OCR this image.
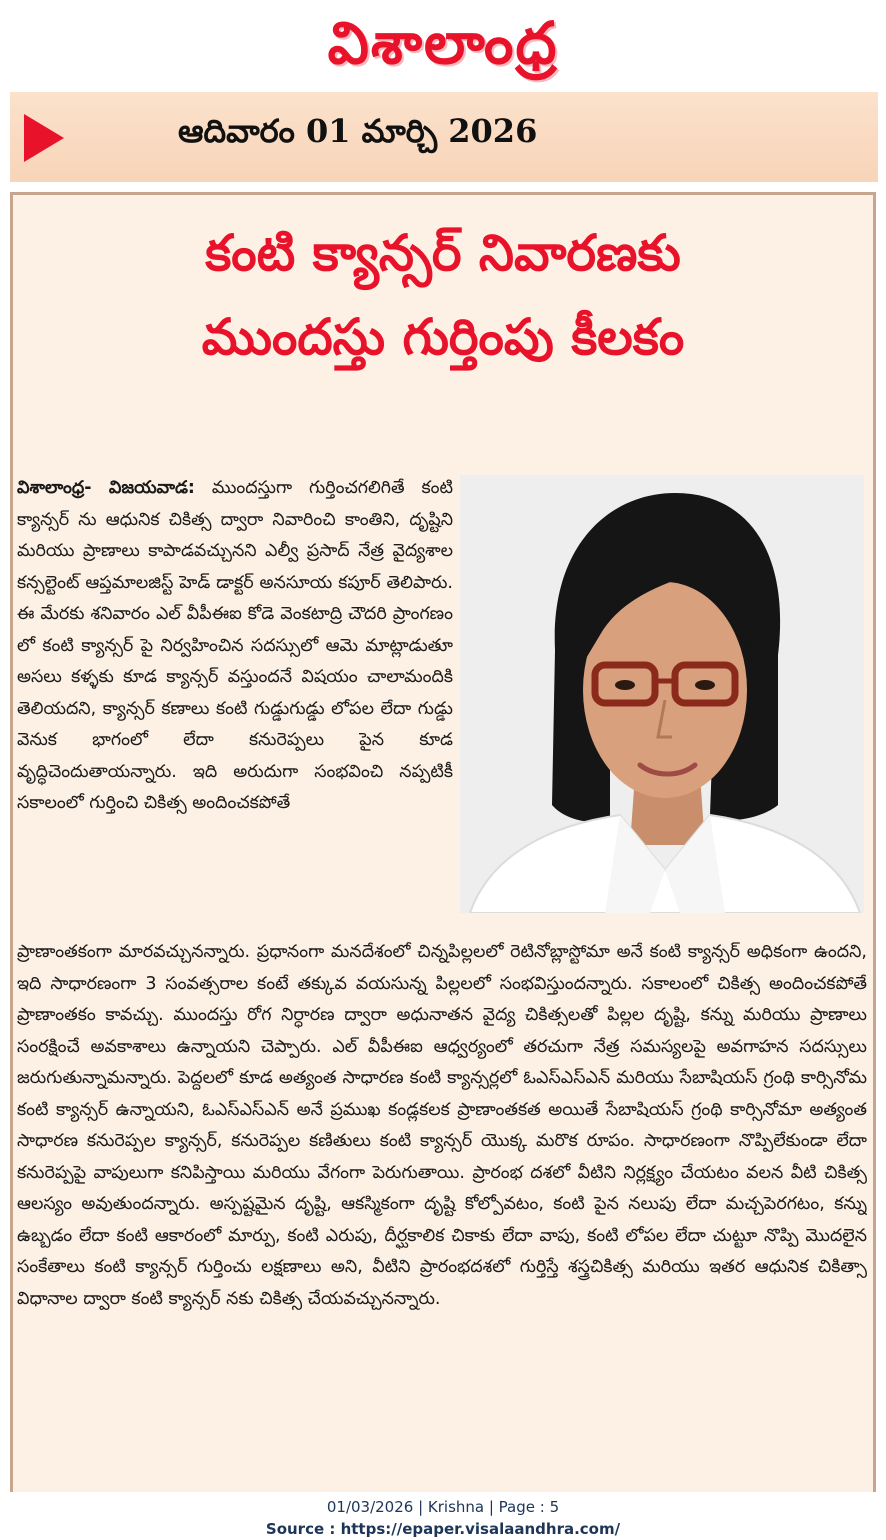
విశాలాంధ్ర
ఆదివారం 01 మార్చి 2026
కంటి క్యాన్సర్ నివారణకు
ముందస్తు గుర్తింపు కీలకం

విశాలాంధ్ర- విజయవాడ: ముందస్తుగా గుర్తించగలిగితే కంటి క్యాన్సర్ ను ఆధునిక చికిత్స ద్వారా నివారించి కాంతిని, దృష్టిని మరియు ప్రాణాలు కాపాడవచ్చునని ఎల్వీ ప్రసాద్ నేత్ర వైద్యశాల కన్సల్టెంట్ ఆప్తమాలజిస్ట్ హెడ్ డాక్టర్ అనసూయ కపూర్ తెలిపారు. ఈ మేరకు శనివారం ఎల్ వీపీఈఐ కోడె వెంకటాద్రి చౌదరి ప్రాంగణం లో కంటి క్యాన్సర్ పై నిర్వహించిన సదస్సులో ఆమె మాట్లాడుతూ అసలు కళ్ళకు కూడ క్యాన్సర్ వస్తుందనే విషయం చాలామందికి తెలియదని, క్యాన్సర్ కణాలు కంటి గుడ్డుగుడ్డు లోపల లేదా గుడ్డు వెనుక భాగంలో లేదా కనురెప్పలు పైన కూడ వృద్ధిచెందుతాయన్నారు. ఇది అరుదుగా సంభవించి నప్పటికీ సకాలంలో గుర్తించి చికిత్స అందించకపోతే

ప్రాణాంతకంగా మారవచ్చునన్నారు. ప్రధానంగా మనదేశంలో చిన్నపిల్లలలో రెటినోబ్లాస్టోమా అనే కంటి క్యాన్సర్ అధికంగా ఉందని, ఇది సాధారణంగా 3 సంవత్సరాల కంటే తక్కువ వయసున్న పిల్లలలో సంభవిస్తుందన్నారు. సకాలంలో చికిత్స అందించకపోతే ప్రాణాంతకం కావచ్చు. ముందస్తు రోగ నిర్ధారణ ద్వారా అధునాతన వైద్య చికిత్సలతో పిల్లల దృష్టి, కన్ను మరియు ప్రాణాలు సంరక్షించే అవకాశాలు ఉన్నాయని చెప్పారు. ఎల్ వీపీఈఐ ఆధ్వర్యంలో తరచుగా నేత్ర సమస్యలపై అవగాహన సదస్సులు జరుగుతున్నామన్నారు. పెద్దలలో కూడ అత్యంత సాధారణ కంటి క్యాన్సర్లలో ఓఎస్ఎస్ఎన్ మరియు సేబాషియస్ గ్రంథి కార్సినోమ కంటి క్యాన్సర్ ఉన్నాయని, ఓఎస్ఎస్ఎన్ అనే ప్రముఖ కండ్లకలక ప్రాణాంతకత అయితే సేబాషియస్ గ్రంథి కార్సినోమా అత్యంత సాధారణ కనురెప్పల క్యాన్సర్, కనురెప్పల కణితులు కంటి క్యాన్సర్ యొక్క మరొక రూపం. సాధారణంగా నొప్పిలేకుండా లేదా కనురెప్పపై వాపులుగా కనిపిస్తాయి మరియు వేగంగా పెరుగుతాయి. ప్రారంభ దశలో వీటిని నిర్లక్ష్యం చేయటం వలన వీటి చికిత్స ఆలస్యం అవుతుందన్నారు. అస్పష్టమైన దృష్టి, ఆకస్మికంగా దృష్టి కోల్పోవటం, కంటి పైన నలుపు లేదా మచ్చపెరగటం, కన్ను ఉబ్బడం లేదా కంటి ఆకారంలో మార్పు, కంటి ఎరుపు, దీర్ఘకాలిక చికాకు లేదా వాపు, కంటి లోపల లేదా చుట్టూ నొప్పి మొదలైన సంకేతాలు కంటి క్యాన్సర్ గుర్తించు లక్షణాలు అని, వీటిని ప్రారంభదశలో గుర్తిస్తే శస్త్రచికిత్స మరియు ఇతర ఆధునిక చికిత్సా విధానాల ద్వారా కంటి క్యాన్సర్ నకు చికిత్స చేయవచ్చునన్నారు.

01/03/2026 | Krishna | Page : 5
Source : https://epaper.visalaandhra.com/
